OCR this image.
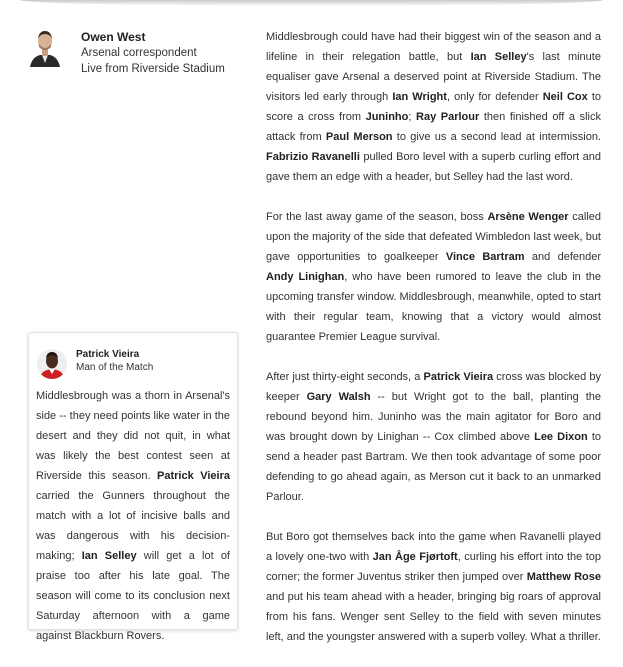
Owen West
Arsenal correspondent
Live from Riverside Stadium
Patrick Vieira
Man of the Match
Middlesbrough was a thorn in Arsenal's side -- they need points like water in the desert and they did not quit, in what was likely the best contest seen at Riverside this season. Patrick Vieira carried the Gunners throughout the match with a lot of incisive balls and was dangerous with his decision-making; Ian Selley will get a lot of praise too after his late goal. The season will come to its conclusion next Saturday afternoon with a game against Blackburn Rovers.

Middlesbrough could have had their biggest win of the season and a lifeline in their relegation battle, but Ian Selley's last minute equaliser gave Arsenal a deserved point at Riverside Stadium. The visitors led early through Ian Wright, only for defender Neil Cox to score a cross from Juninho; Ray Parlour then finished off a slick attack from Paul Merson to give us a second lead at intermission. Fabrizio Ravanelli pulled Boro level with a superb curling effort and gave them an edge with a header, but Selley had the last word.

For the last away game of the season, boss Arsène Wenger called upon the majority of the side that defeated Wimbledon last week, but gave opportunities to goalkeeper Vince Bartram and defender Andy Linighan, who have been rumored to leave the club in the upcoming transfer window. Middlesbrough, meanwhile, opted to start with their regular team, knowing that a victory would almost guarantee Premier League survival.

After just thirty-eight seconds, a Patrick Vieira cross was blocked by keeper Gary Walsh -- but Wright got to the ball, planting the rebound beyond him. Juninho was the main agitator for Boro and was brought down by Linighan -- Cox climbed above Lee Dixon to send a header past Bartram. We then took advantage of some poor defending to go ahead again, as Merson cut it back to an unmarked Parlour.

But Boro got themselves back into the game when Ravanelli played a lovely one-two with Jan Åge Fjørtoft, curling his effort into the top corner; the former Juventus striker then jumped over Matthew Rose and put his team ahead with a header, bringing big roars of approval from his fans. Wenger sent Selley to the field with seven minutes left, and the youngster answered with a superb volley. What a thriller.
